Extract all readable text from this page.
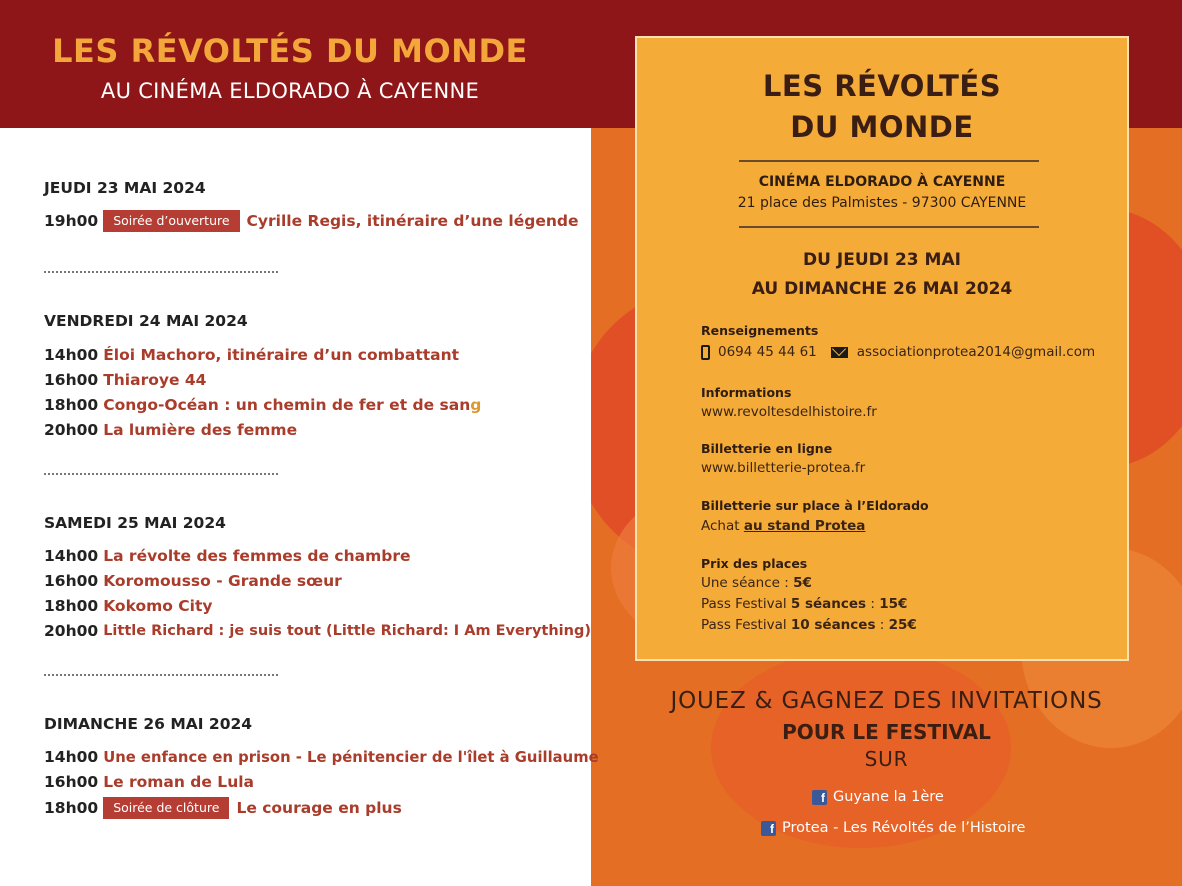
LES RÉVOLTÉS DU MONDE
AU CINÉMA ELDORADO À CAYENNE	LES RÉVOLTÉS
DU MONDE
CINÉMA ELDORADO À CAYENNE
21 place des Palmistes - 97300 CAYENNE
DU JEUDI 23 MAI
AU DIMANCHE 26 MAI 2024
Renseignements
0694 45 44 61	associationprotea2014@gmail.com
Informations
www.revoltesdelhistoire.fr
Billetterie en ligne
www.billetterie-protea.fr
Billetterie sur place à l’Eldorado
Achat au stand Protea
Prix des places
Une séance : 5€
Pass Festival 5 séances : 15€
Pass Festival 10 séances : 25€
JOUEZ & GAGNEZ DES INVITATIONS
POUR LE FESTIVAL
SUR
f Guyane la 1ère
f Protea - Les Révoltés de l’Histoire
JEUDI 23 MAI 2024
19h00	Soirée d’ouverture	Cyrille Regis, itinéraire d’une légende
VENDREDI 24 MAI 2024
14h00 Éloi Machoro, itinéraire d’un combattant
16h00 Thiaroye 44
18h00 Congo-Océan : un chemin de fer et de san g
20h00 La lumière des femme
SAMEDI 25 MAI 2024
14h00 La révolte des femmes de chambre
16h00 Koromousso - Grande sœur
18h00 Kokomo City
20h00 Little Richard : je suis tout (Little Richard: I Am Everything)
DIMANCHE 26 MAI 2024
14h00 Une enfance en prison - Le pénitencier de l'îlet à Guillaume
16h00 Le roman de Lula
18h00	Soirée de clôture	Le courage en plus
